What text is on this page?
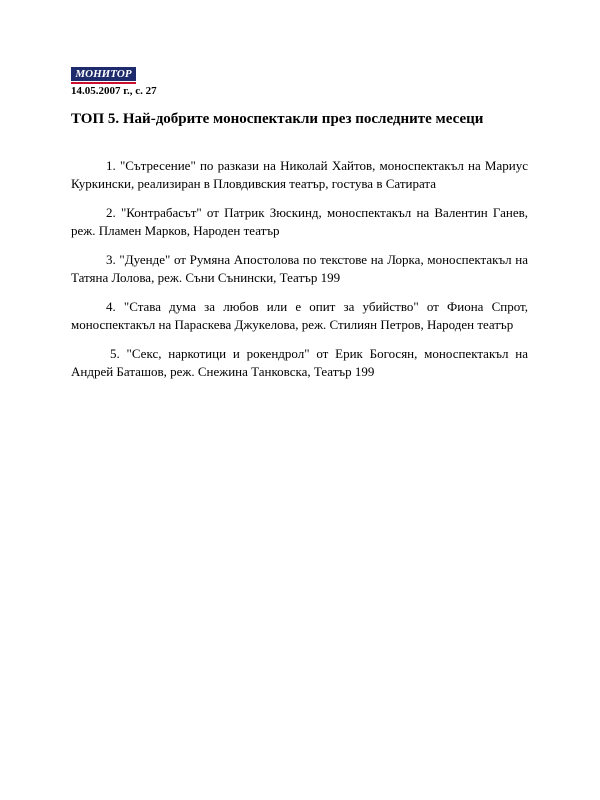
МОНИТОР
14.05.2007 г., с. 27
ТОП 5. Най-добрите моноспектакли през последните месеци

1. "Сътресение" по разкази на Николай Хайтов, моноспектакъл на Мариус Куркински, реализиран в Пловдивския театър, гостува в Сатирата

2. "Контрабасът" от Патрик Зюскинд, моноспектакъл на Валентин Ганев, реж. Пламен Марков, Народен театър

3. "Дуенде" от Румяна Апостолова по текстове на Лорка, моноспектакъл на Татяна Лолова, реж. Съни Сънински, Театър 199

4. "Става дума за любов или е опит за убийство" от Фиона Спрот, моноспектакъл на Параскева Джукелова, реж. Стилиян Петров, Народен театър

5. "Секс, наркотици и рокендрол" от Ерик Богосян, моноспектакъл на Андрей Баташов, реж. Снежина Танковска, Театър 199
